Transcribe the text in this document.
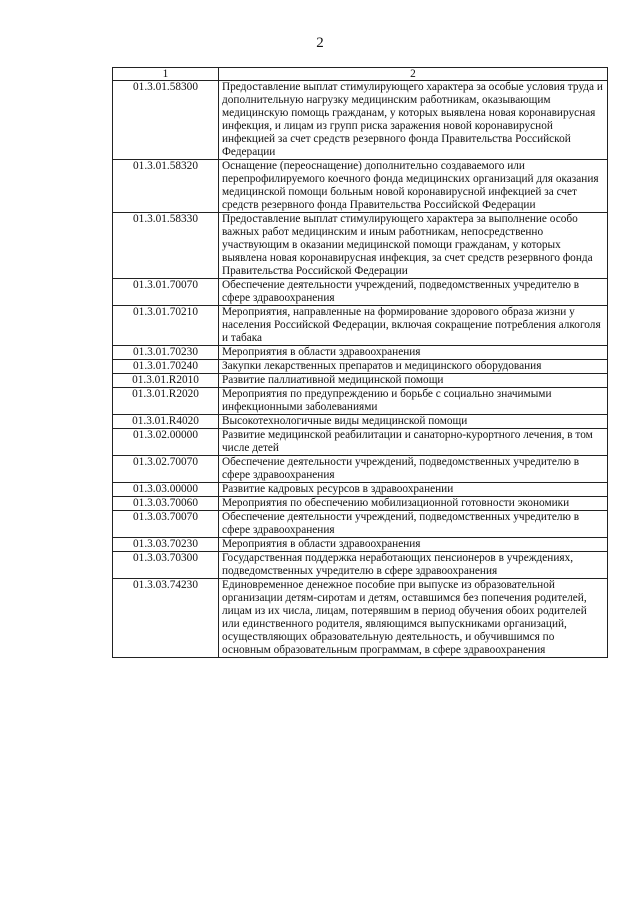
2
1	2
01.3.01.58300	Предоставление выплат стимулирующего характера за особые условия труда и дополнительную нагрузку медицинским работникам, оказывающим медицинскую помощь гражданам, у которых выявлена новая коронавирусная инфекция, и лицам из групп риска заражения новой коронавирусной инфекцией за счет средств резервного фонда Правительства Российской Федерации
01.3.01.58320	Оснащение (переоснащение) дополнительно создаваемого или перепрофилируемого коечного фонда медицинских организаций для оказания медицинской помощи больным новой коронавирусной инфекцией за счет средств резервного фонда Правительства Российской Федерации
01.3.01.58330	Предоставление выплат стимулирующего характера за выполнение особо важных работ медицинским и иным работникам, непосредственно участвующим в оказании медицинской помощи гражданам, у которых выявлена новая коронавирусная инфекция, за счет средств резервного фонда Правительства Российской Федерации
01.3.01.70070	Обеспечение деятельности учреждений, подведомственных учредителю в сфере здравоохранения
01.3.01.70210	Мероприятия, направленные на формирование здорового образа жизни у населения Российской Федерации, включая сокращение потребления алкоголя и табака
01.3.01.70230	Мероприятия в области здравоохранения
01.3.01.70240	Закупки лекарственных препаратов и медицинского оборудования
01.3.01.R2010	Развитие паллиативной медицинской помощи
01.3.01.R2020	Мероприятия по предупреждению и борьбе с социально значимыми инфекционными заболеваниями
01.3.01.R4020	Высокотехнологичные виды медицинской помощи
01.3.02.00000	Развитие медицинской реабилитации и санаторно-курортного лечения, в том числе детей
01.3.02.70070	Обеспечение деятельности учреждений, подведомственных учредителю в сфере здравоохранения
01.3.03.00000	Развитие кадровых ресурсов в здравоохранении
01.3.03.70060	Мероприятия по обеспечению мобилизационной готовности экономики
01.3.03.70070	Обеспечение деятельности учреждений, подведомственных учредителю в сфере здравоохранения
01.3.03.70230	Мероприятия в области здравоохранения
01.3.03.70300	Государственная поддержка неработающих пенсионеров в учреждениях, подведомственных учредителю в сфере здравоохранения
01.3.03.74230	Единовременное денежное пособие при выпуске из образовательной организации детям-сиротам и детям, оставшимся без попечения родителей, лицам из их числа, лицам, потерявшим в период обучения обоих родителей или единственного родителя, являющимся выпускниками организаций, осуществляющих образовательную деятельность, и обучившимся по основным образовательным программам, в сфере здравоохранения
